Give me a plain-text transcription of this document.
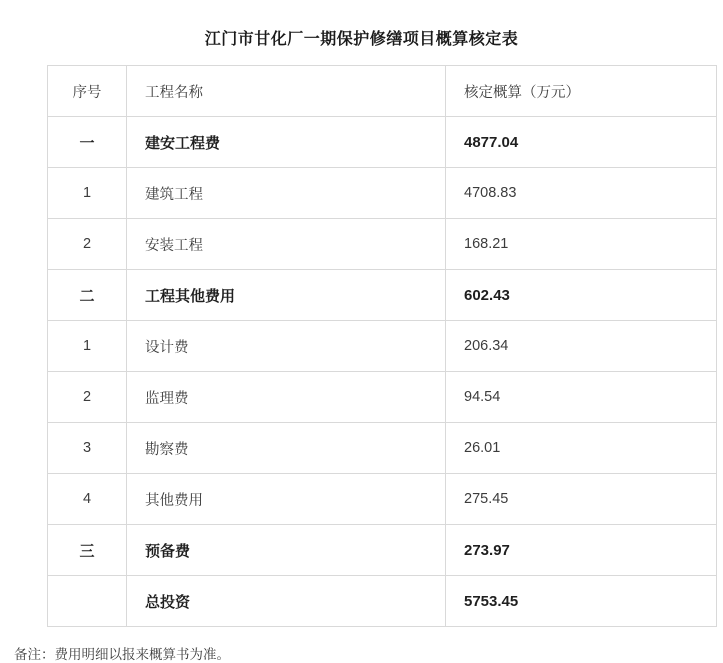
江门市甘化厂一期保护修缮项目概算核定表
序号	工程名称	核定概算（万元）
一	建安工程费	4877.04
1	建筑工程	4708.83
2	安装工程	168.21
二	工程其他费用	602.43
1	设计费	206.34
2	监理费	94.54
3	勘察费	26.01
4	其他费用	275.45
三	预备费	273.97
	总投资	5753.45
备注：费用明细以报来概算书为准。
